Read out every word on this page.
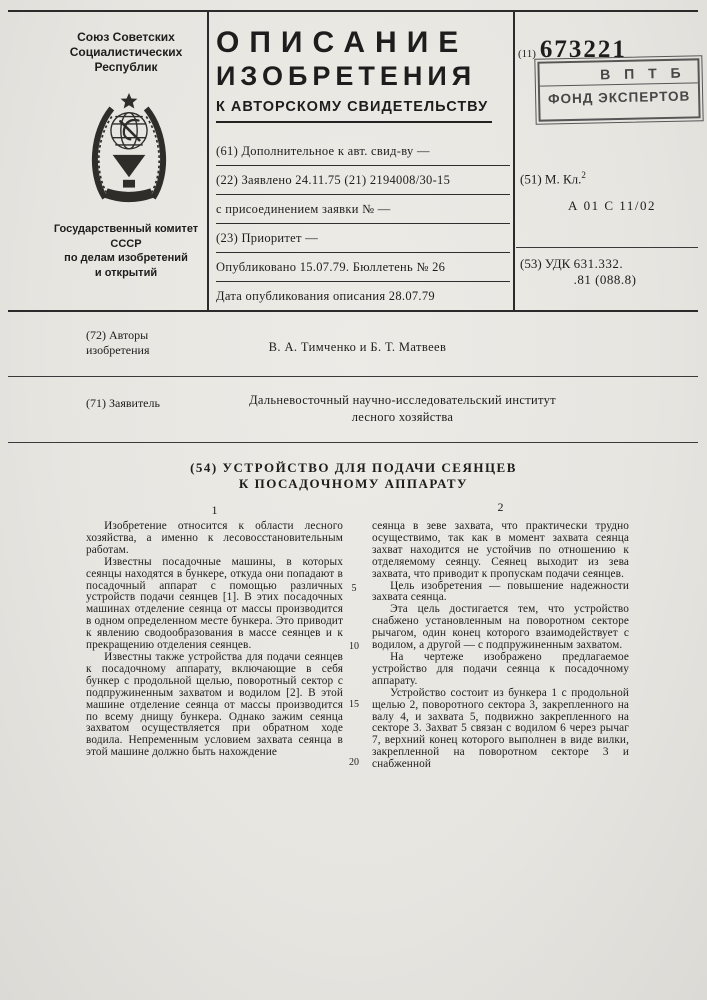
Союз Советских
Социалистических
Республик
Государственный комитет
СССР
по делам изобретений
и открытий
ОПИСАНИЕ
ИЗОБРЕТЕНИЯ
К АВТОРСКОМУ СВИДЕТЕЛЬСТВУ
(61) Дополнительное к авт. свид-ву —
(22) Заявлено 24.11.75 (21) 2194008/30-15
с присоединением заявки № —
(23) Приоритет —
Опубликовано 15.07.79. Бюллетень № 26
Дата опубликования описания 28.07.79
(11) 673221
В П Т Б
ФОНД ЭКСПЕРТОВ
(51) М. Кл.$^2$
А 01 С 11/02
(53) УДК 631.332.
.81 (088.8)
(72) Авторы
изобретения	В. А. Тимченко и Б. Т. Матвеев
(71) Заявитель	Дальневосточный научно-исследовательский институт
лесного хозяйства
(54) УСТРОЙСТВО ДЛЯ ПОДАЧИ СЕЯНЦЕВ
К ПОСАДОЧНОМУ АППАРАТУ
1	2

Изобретение относится к области лесного хозяйства, а именно к лесовосстановительным работам.

Известны посадочные машины, в которых сеянцы находятся в бункере, откуда они попадают в посадочный аппарат с помощью различных устройств подачи сеянцев [1]. В этих посадочных машинах отделение сеянца от массы производится в одном определенном месте бункера. Это приводит к явлению сводообразования в массе сеянцев и к прекращению отделения сеянцев.

Известны также устройства для подачи сеянцев к посадочному аппарату, включающие в себя бункер с продольной щелью, поворотный сектор с подпружиненным захватом и водилом [2]. В этой машине отделение сеянца от массы производится по всему днищу бункера. Однако зажим сеянца захватом осуществляется при обратном ходе водила. Непременным условием захвата сеянца в этой машине должно быть нахождение

сеянца в зеве захвата, что практически трудно осуществимо, так как в момент захвата сеянца захват находится не устойчив по отношению к отделяемому сеянцу. Сеянец выходит из зева захвата, что приводит к пропускам подачи сеянцев.

Цель изобретения — повышение надежности захвата сеянца.

Эта цель достигается тем, что устройство снабжено установленным на поворотном секторе рычагом, один конец которого взаимодействует с водилом, а другой — с подпружиненным захватом.

На чертеже изображено предлагаемое устройство для подачи сеянца к посадочному аппарату.

Устройство состоит из бункера 1 с продольной щелью 2, поворотного сектора 3, закрепленного на валу 4, и захвата 5, подвижно закрепленного на секторе 3. Захват 5 связан с водилом 6 через рычаг 7, верхний конец которого выполнен в виде вилки, закрепленной на поворотном секторе 3 и снабженной

5
10
15
20
